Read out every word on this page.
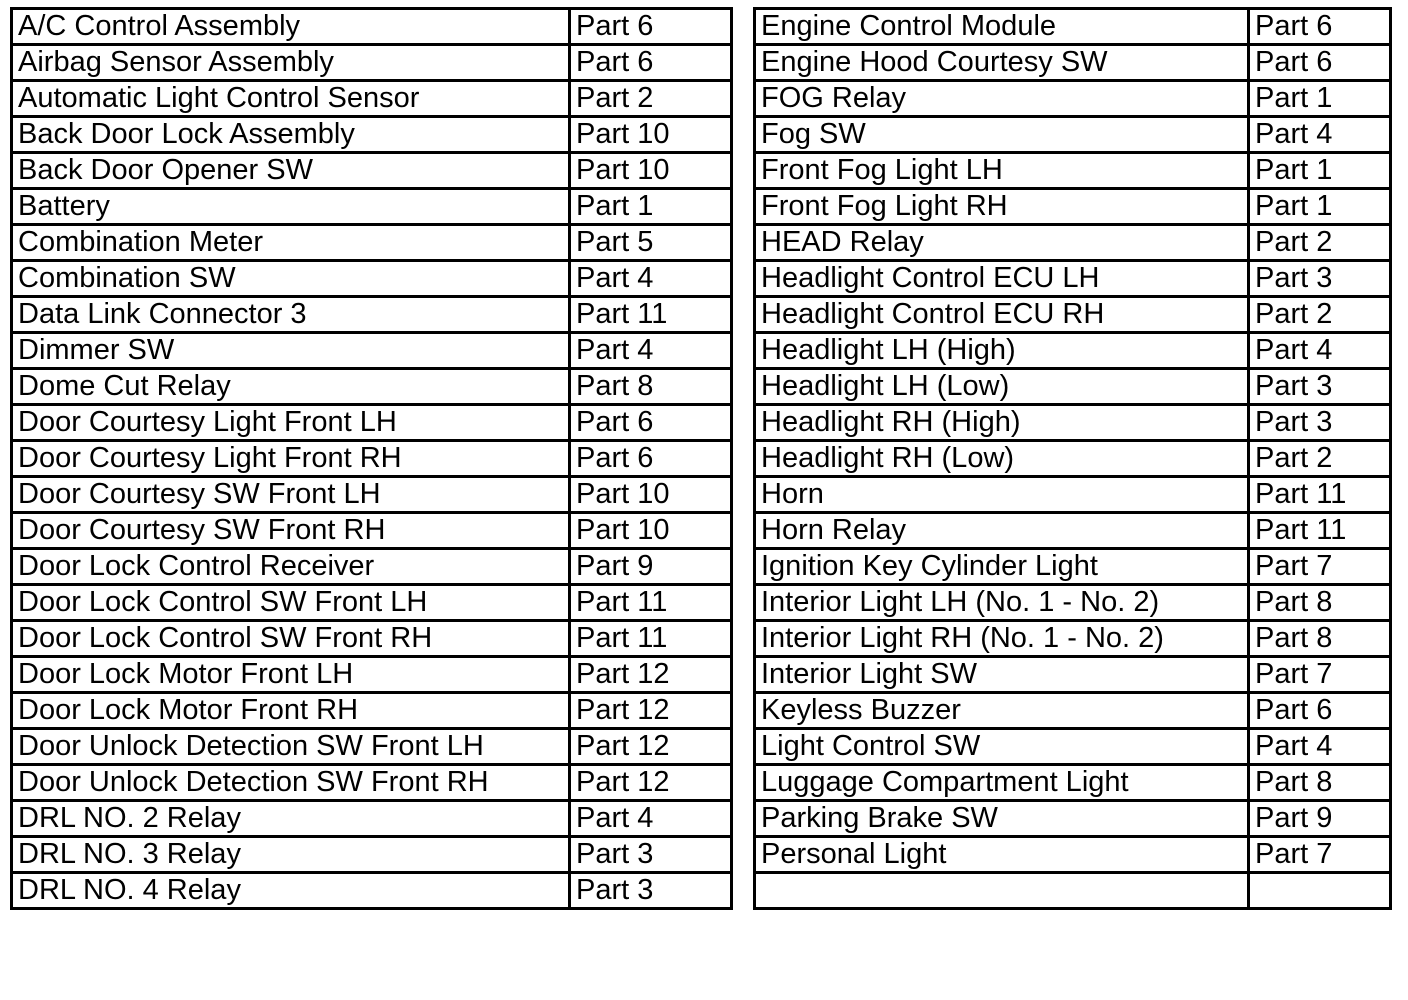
A/C Control Assembly	Part 6
Airbag Sensor Assembly	Part 6
Automatic Light Control Sensor	Part 2
Back Door Lock Assembly	Part 10
Back Door Opener SW	Part 10
Battery	Part 1
Combination Meter	Part 5
Combination SW	Part 4
Data Link Connector 3	Part 11
Dimmer SW	Part 4
Dome Cut Relay	Part 8
Door Courtesy Light Front LH	Part 6
Door Courtesy Light Front RH	Part 6
Door Courtesy SW Front LH	Part 10
Door Courtesy SW Front RH	Part 10
Door Lock Control Receiver	Part 9
Door Lock Control SW Front LH	Part 11
Door Lock Control SW Front RH	Part 11
Door Lock Motor Front LH	Part 12
Door Lock Motor Front RH	Part 12
Door Unlock Detection SW Front LH	Part 12
Door Unlock Detection SW Front RH	Part 12
DRL NO. 2 Relay	Part 4
DRL NO. 3 Relay	Part 3
DRL NO. 4 Relay	Part 3
Engine Control Module	Part 6
Engine Hood Courtesy SW	Part 6
FOG Relay	Part 1
Fog SW	Part 4
Front Fog Light LH	Part 1
Front Fog Light RH	Part 1
HEAD Relay	Part 2
Headlight Control ECU LH	Part 3
Headlight Control ECU RH	Part 2
Headlight LH (High)	Part 4
Headlight LH (Low)	Part 3
Headlight RH (High)	Part 3
Headlight RH (Low)	Part 2
Horn	Part 11
Horn Relay	Part 11
Ignition Key Cylinder Light	Part 7
Interior Light LH (No. 1 - No. 2)	Part 8
Interior Light RH (No. 1 - No. 2)	Part 8
Interior Light SW	Part 7
Keyless Buzzer	Part 6
Light Control SW	Part 4
Luggage Compartment Light	Part 8
Parking Brake SW	Part 9
Personal Light	Part 7
